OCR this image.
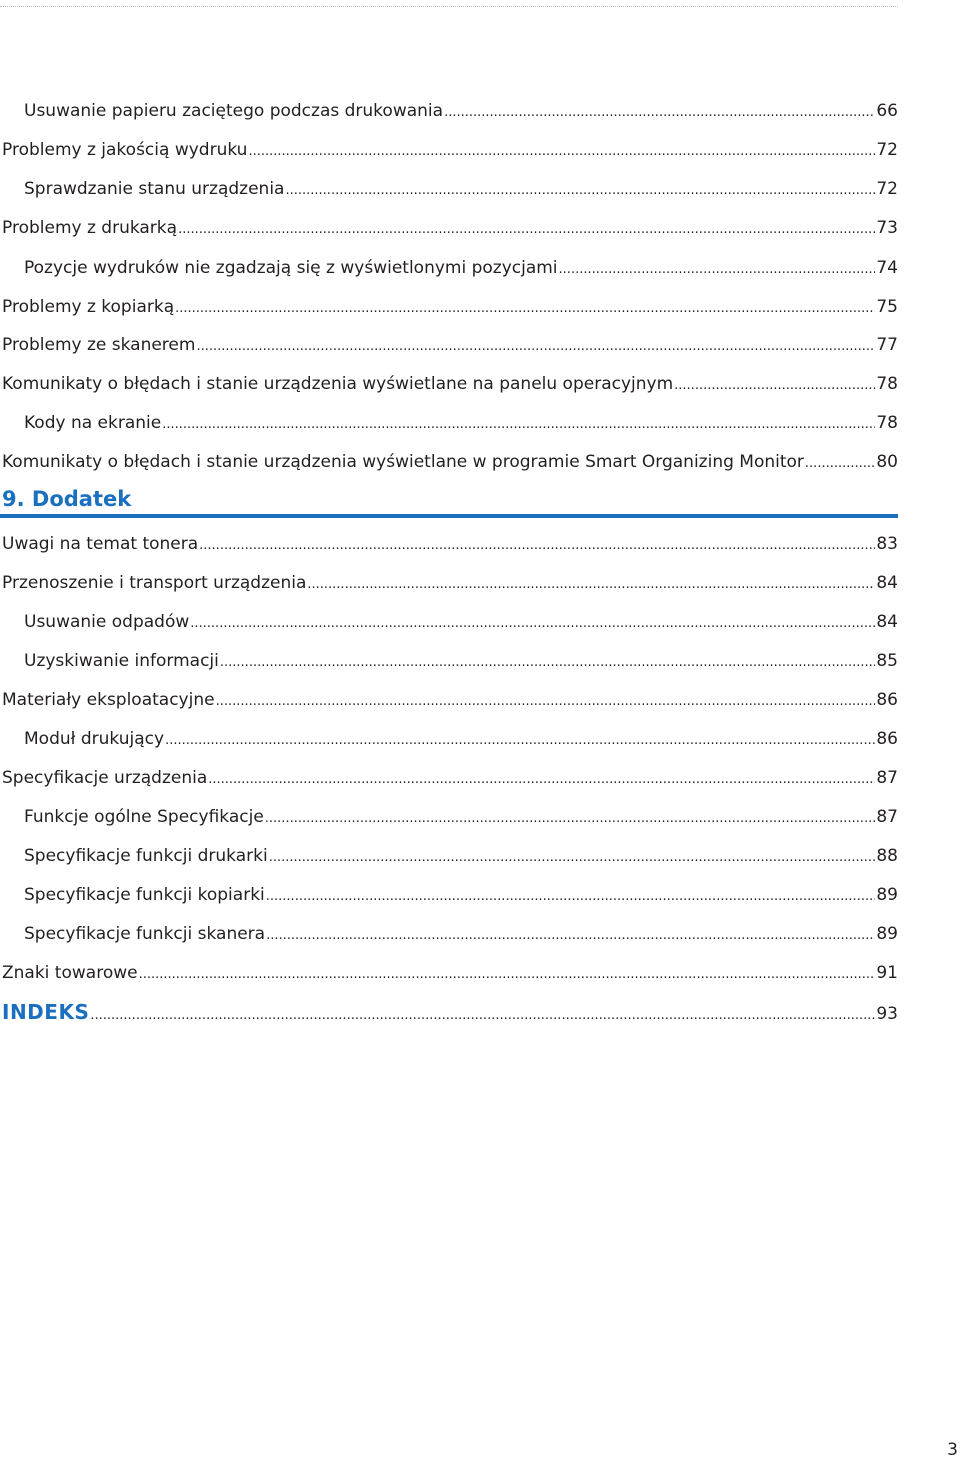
Usuwanie papieru zaciętego podczas drukowania .....	66
Problemy z jakością wydruku .....	72
Sprawdzanie stanu urządzenia .....	72
Problemy z drukarką .....	73
Pozycje wydruków nie zgadzają się z wyświetlonymi pozycjami .....	74
Problemy z kopiarką .....	75
Problemy ze skanerem .....	77
Komunikaty o błędach i stanie urządzenia wyświetlane na panelu operacyjnym .....	78
Kody na ekranie .....	78
Komunikaty o błędach i stanie urządzenia wyświetlane w programie Smart Organizing Monitor .....	80
9. Dodatek
Uwagi na temat tonera .....	83
Przenoszenie i transport urządzenia .....	84
Usuwanie odpadów .....	84
Uzyskiwanie informacji .....	85
Materiały eksploatacyjne .....	86
Moduł drukujący .....	86
Specyfikacje urządzenia .....	87
Funkcje ogólne Specyfikacje .....	87
Specyfikacje funkcji drukarki .....	88
Specyfikacje funkcji kopiarki .....	89
Specyfikacje funkcji skanera .....	89
Znaki towarowe .....	91
INDEKS .....	93
3
